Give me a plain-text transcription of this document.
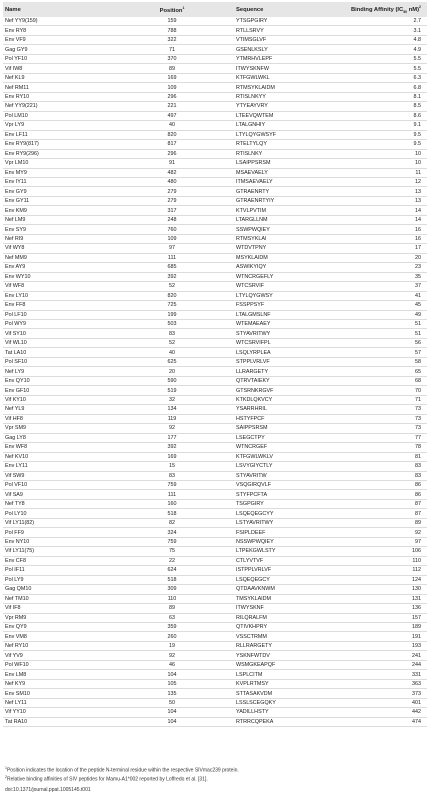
Name	Position$^1$	Sequence	Binding Affinity ($IC_{50}$ nM)$^2$
Nef YY9(159)	159	YTSGPGIRY	2.7
Env RY8	788	RTLLSRVY	3.1
Env VF9	322	VTIMSGLVF	4.8
Gag GY9	71	GSENLKSLY	4.9
Pol YF10	370	YTMRHVLEPF	5.5
Vif IW8	89	ITWYSKNFW	5.5
Nef KL9	169	KTFGWLWKL	6.3
Nef RM11	109	RTMSYKLAIDM	6.8
Env RY10	296	RTISLNKYY	8.1
Nef YY9(221)	221	YTYEAYVRY	8.5
Pol LM10	497	LTEEVQWTEM	8.6
Vpr LY9	40	LTALGNHIY	9.1
Env LF11	820	LTYLQYGWSYF	9.5
Env RY9(817)	817	RTELTYLQY	9.5
Env RY9(296)	296	RTISLNKY	10
Vpr LM10	91	LSAIPPSRSM	10
Env MY9	482	MSAEVAELY	11
Env IY11	480	ITMSAEVAELY	12
Env GY9	279	GTRAENRTY	13
Env GY11	279	GTRAENRTYIY	13
Env KM9	317	KTVLPVTIM	14
Nef LM9	248	LTARGLLNM	14
Env SY9	760	SSWPWQIEY	16
Nef RI9	109	RTMSYKLAI	16
Vif WY8	97	WTDVTPNY	17
Nef MM9	111	MSYKLAIDM	20
Env AY9	685	ASWIKYIQY	23
Env WY10	392	WTNCRGEFLY	35
Vif WF8	52	WTCSRVIF	37
Env LY10	820	LTYLQYGWSY	41
Env FF8	725	FSSPPSYF	45
Pol LF10	199	LTALGMSLNF	49
Pol WY9	503	WTEMAEAEY	51
Vif SY10	83	STYAVRITWY	51
Vif WL10	52	WTCSRVIFPL	56
Tat LA10	40	LSQLYRPLEA	57
Pol SF10	625	STPPLVRLVF	58
Nef LY9	20	LLRARGETY	65
Env QY10	590	QTRVTAIEKY	68
Env GF10	519	GTSRNKRGVF	70
Vif KY10	32	KTKDLQKVCY	71
Nef YL9	134	YSARRHRIL	73
Vif HF8	119	HSTYFPCF	73
Vpr SM9	92	SAIPPSRSM	73
Gag LY8	177	LSEGCTPY	77
Env WF8	392	WTNCRGEF	78
Nef KV10	169	KTFGWLWKLV	81
Env LY11	15	LSVYGIYCTLY	83
Vif SW9	83	STYAVRITW	83
Pol VF10	759	VSQGIRQVLF	86
Vif SA9	111	STYFPCFTA	86
Nef TY8	160	TSGPGIRY	87
Pol LY10	518	LSQEQEGCYY	87
Vif LY11(82)	82	LSTYAVRITWY	89
Pol FF9	324	FSIPLDEEF	92
Env NY10	759	NSSWPWQIEY	97
Vif LY11(75)	75	LTPEKGWLSTY	106
Env CF8	22	CTLYVTVF	110
Pol IF11	624	ISTPPLVRLVF	112
Pol LY9	518	LSQEQEGCY	124
Gag QM10	309	QTDAAVKNWM	130
Nef TM10	110	TMSYKLAIDM	131
Vif IF8	89	ITWYSKNF	136
Vpr RM9	63	RILQRALFM	157
Env QY9	359	QTIVKHPRY	189
Env VM8	260	VSSCTRMM	191
Nef RY10	19	RLLRARGETY	193
Vif YV9	92	YSKNFWTDV	241
Pol WF10	46	WSMGKEAPQF	244
Env LM8	104	LSPLCITM	331
Nef KY9	105	KVPLRTMSY	363
Env SM10	135	STTASAKVDM	373
Nef LY11	50	LSSLSCEGQKY	401
Vif YY10	104	YADILLHSTY	442
Tat RA10	104	RTRRCQPEKA	474
$^1$Position indicates the location of the peptide N-terminal residue within the respective SIVmac239 protein.
$^2$Relative binding affinities of SIV peptides for Mamu-A1*002 reported by Loffredo et al. [31].
doi:10.1371/journal.ppat.1005145.t001
